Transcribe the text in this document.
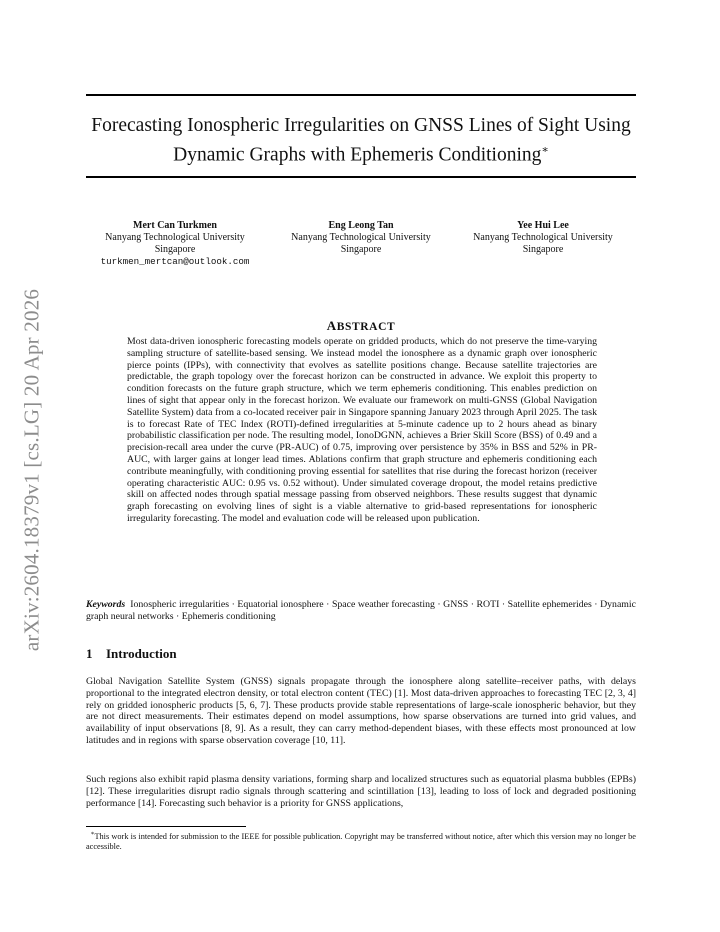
arXiv:2604.18379v1 [cs.LG] 20 Apr 2026
Forecasting Ionospheric Irregularities on GNSS Lines of Sight Using Dynamic Graphs with Ephemeris Conditioning∗
Mert Can Turkmen
Nanyang Technological University
Singapore
turkmen_mertcan@outlook.com
Eng Leong Tan
Nanyang Technological University
Singapore
Yee Hui Lee
Nanyang Technological University
Singapore
ABSTRACT
Most data-driven ionospheric forecasting models operate on gridded products, which do not preserve the time-varying sampling structure of satellite-based sensing. We instead model the ionosphere as a dynamic graph over ionospheric pierce points (IPPs), with connectivity that evolves as satellite positions change. Because satellite trajectories are predictable, the graph topology over the forecast horizon can be constructed in advance. We exploit this property to condition forecasts on the future graph structure, which we term ephemeris conditioning. This enables prediction on lines of sight that appear only in the forecast horizon. We evaluate our framework on multi-GNSS (Global Navigation Satellite System) data from a co-located receiver pair in Singapore spanning January 2023 through April 2025. The task is to forecast Rate of TEC Index (ROTI)-defined irregularities at 5-minute cadence up to 2 hours ahead as binary probabilistic classification per node. The resulting model, IonoDGNN, achieves a Brier Skill Score (BSS) of 0.49 and a precision-recall area under the curve (PR-AUC) of 0.75, improving over persistence by 35% in BSS and 52% in PR-AUC, with larger gains at longer lead times. Ablations confirm that graph structure and ephemeris conditioning each contribute meaningfully, with conditioning proving essential for satellites that rise during the forecast horizon (receiver operating characteristic AUC: 0.95 vs. 0.52 without). Under simulated coverage dropout, the model retains predictive skill on affected nodes through spatial message passing from observed neighbors. These results suggest that dynamic graph forecasting on evolving lines of sight is a viable alternative to grid-based representations for ionospheric irregularity forecasting. The model and evaluation code will be released upon publication.
Keywords Ionospheric irregularities · Equatorial ionosphere · Space weather forecasting · GNSS · ROTI · Satellite ephemerides · Dynamic graph neural networks · Ephemeris conditioning
1 Introduction
Global Navigation Satellite System (GNSS) signals propagate through the ionosphere along satellite–receiver paths, with delays proportional to the integrated electron density, or total electron content (TEC) [1]. Most data-driven approaches to forecasting TEC [2, 3, 4] rely on gridded ionospheric products [5, 6, 7]. These products provide stable representations of large-scale ionospheric behavior, but they are not direct measurements. Their estimates depend on model assumptions, how sparse observations are turned into grid values, and availability of input observations [8, 9]. As a result, they can carry method-dependent biases, with these effects most pronounced at low latitudes and in regions with sparse observation coverage [10, 11].
Such regions also exhibit rapid plasma density variations, forming sharp and localized structures such as equatorial plasma bubbles (EPBs) [12]. These irregularities disrupt radio signals through scattering and scintillation [13], leading to loss of lock and degraded positioning performance [14]. Forecasting such behavior is a priority for GNSS applications,
∗This work is intended for submission to the IEEE for possible publication. Copyright may be transferred without notice, after which this version may no longer be accessible.
